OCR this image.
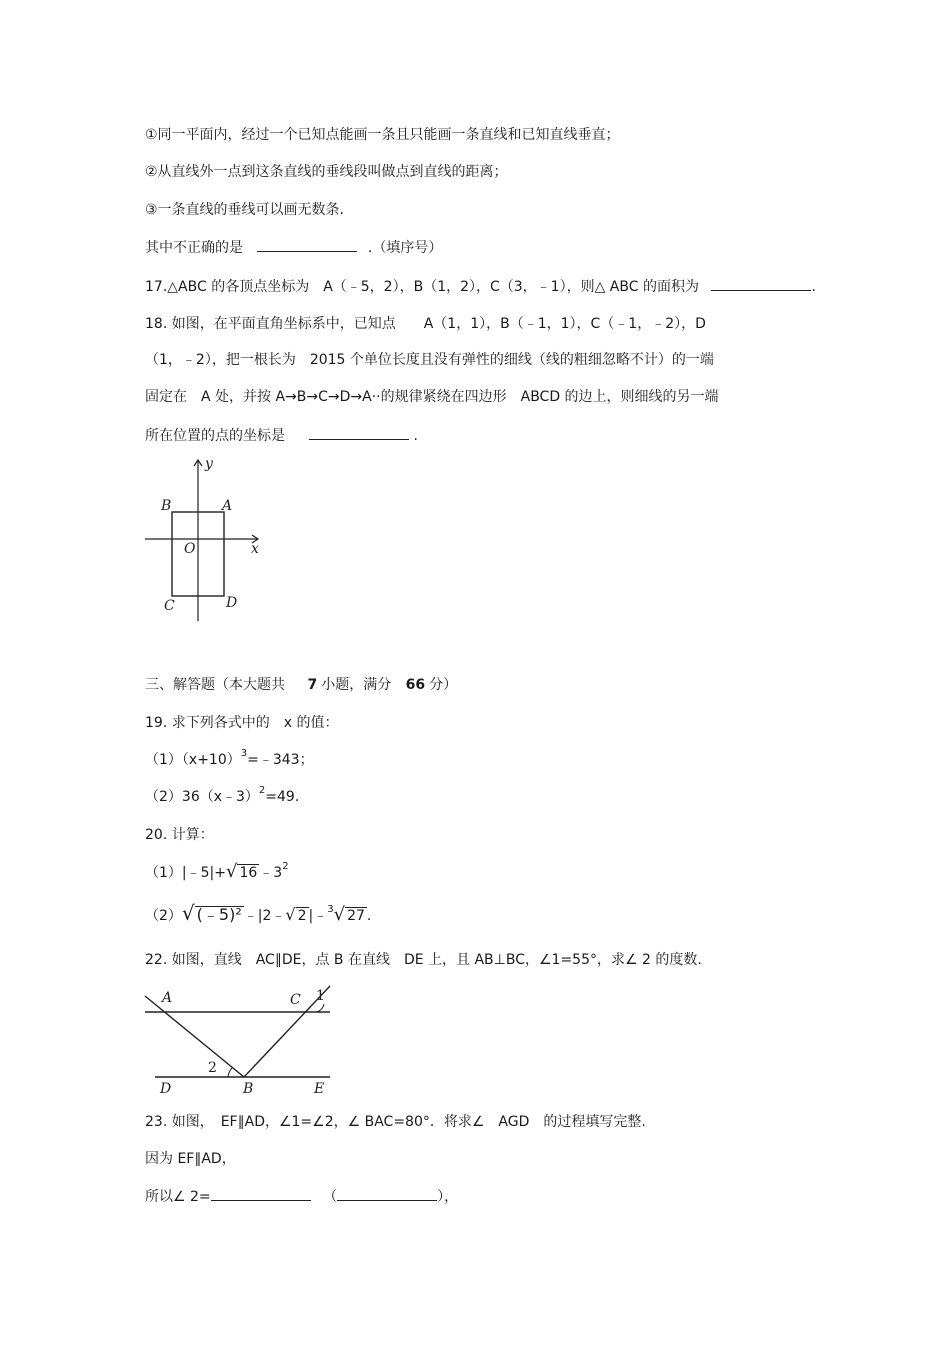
①同一平面内，经过一个已知点能画一条且只能画一条直线和已知直线垂直；
②从直线外一点到这条直线的垂线段叫做点到直线的距离；
③一条直线的垂线可以画无数条.
其中不正确的是	.（填序号）
17.△ABC 的各顶点坐标为　A（﹣5，2），B（1，2），C（3，﹣1），则△ ABC 的面积为	.
18. 如图，在平面直角坐标系中，已知点　　A（1，1），B（﹣1，1），C（﹣1，﹣2），D
（1，﹣2），把一根长为　2015 个单位长度且没有弹性的细线（线的粗细忽略不计）的一端
固定在　A 处，并按 A→B→C→D→A··的规律紧绕在四边形　ABCD 的边上，则细线的另一端
所在位置的点的坐标是	.
y
x
O
A
B
C	D
三、解答题（本大题共 7 小题，满分 66 分）
19. 求下列各式中的　x 的值：
$(1)(x+10)^3=﹣343$；
（2）36（x﹣3）$^2$=49.
20. 计算：
（1）|﹣5|+√ 16 $﹣3^2$
（2）√ (﹣5)² ﹣|2﹣√ 2 |﹣$^3$√ 27 .
22. 如图，直线　AC∥DE，点 B 在直线　DE 上，且 AB⊥BC，∠1=55°，求∠ 2 的度数.
A	C 1
2
D	B	E
23. 如图，　EF∥AD，∠1=∠2，∠ BAC=80°．将求∠　AGD　的过程填写完整.
因为 EF∥AD，
所以∠ 2=	（	），
